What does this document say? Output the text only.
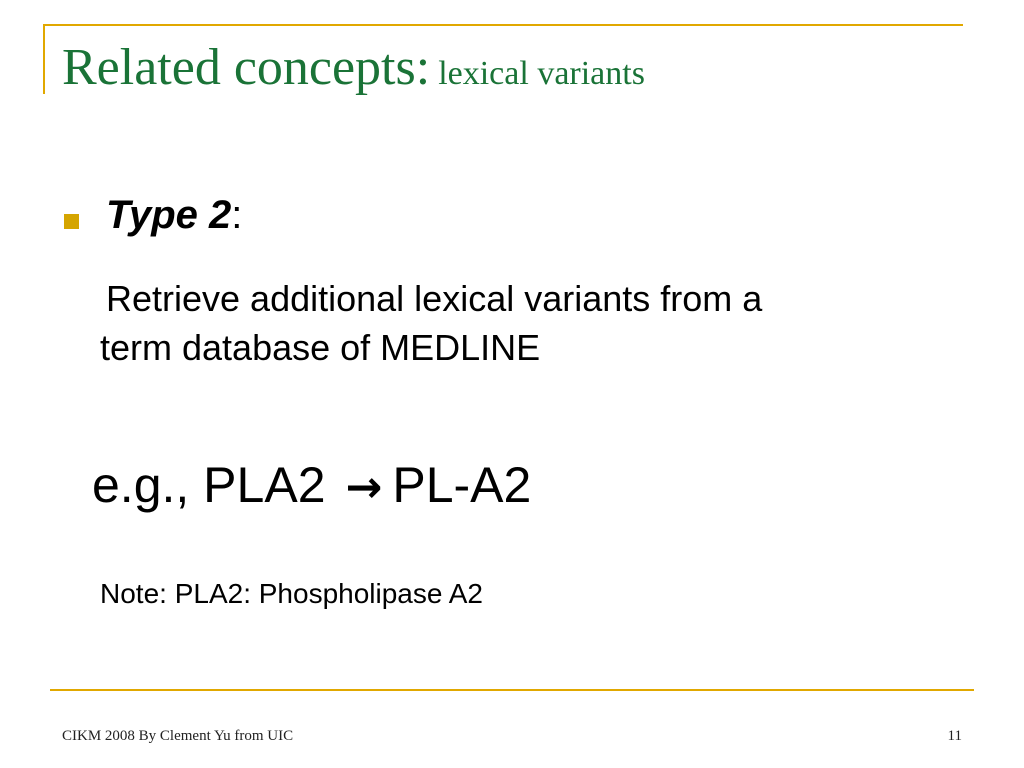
Related concepts: lexical variants
Type 2:
Retrieve additional lexical variants from a
term database of MEDLINE
e.g., PLA2 → PL-A2
Note: PLA2: Phospholipase A2
CIKM 2008 By Clement Yu from UIC	11
